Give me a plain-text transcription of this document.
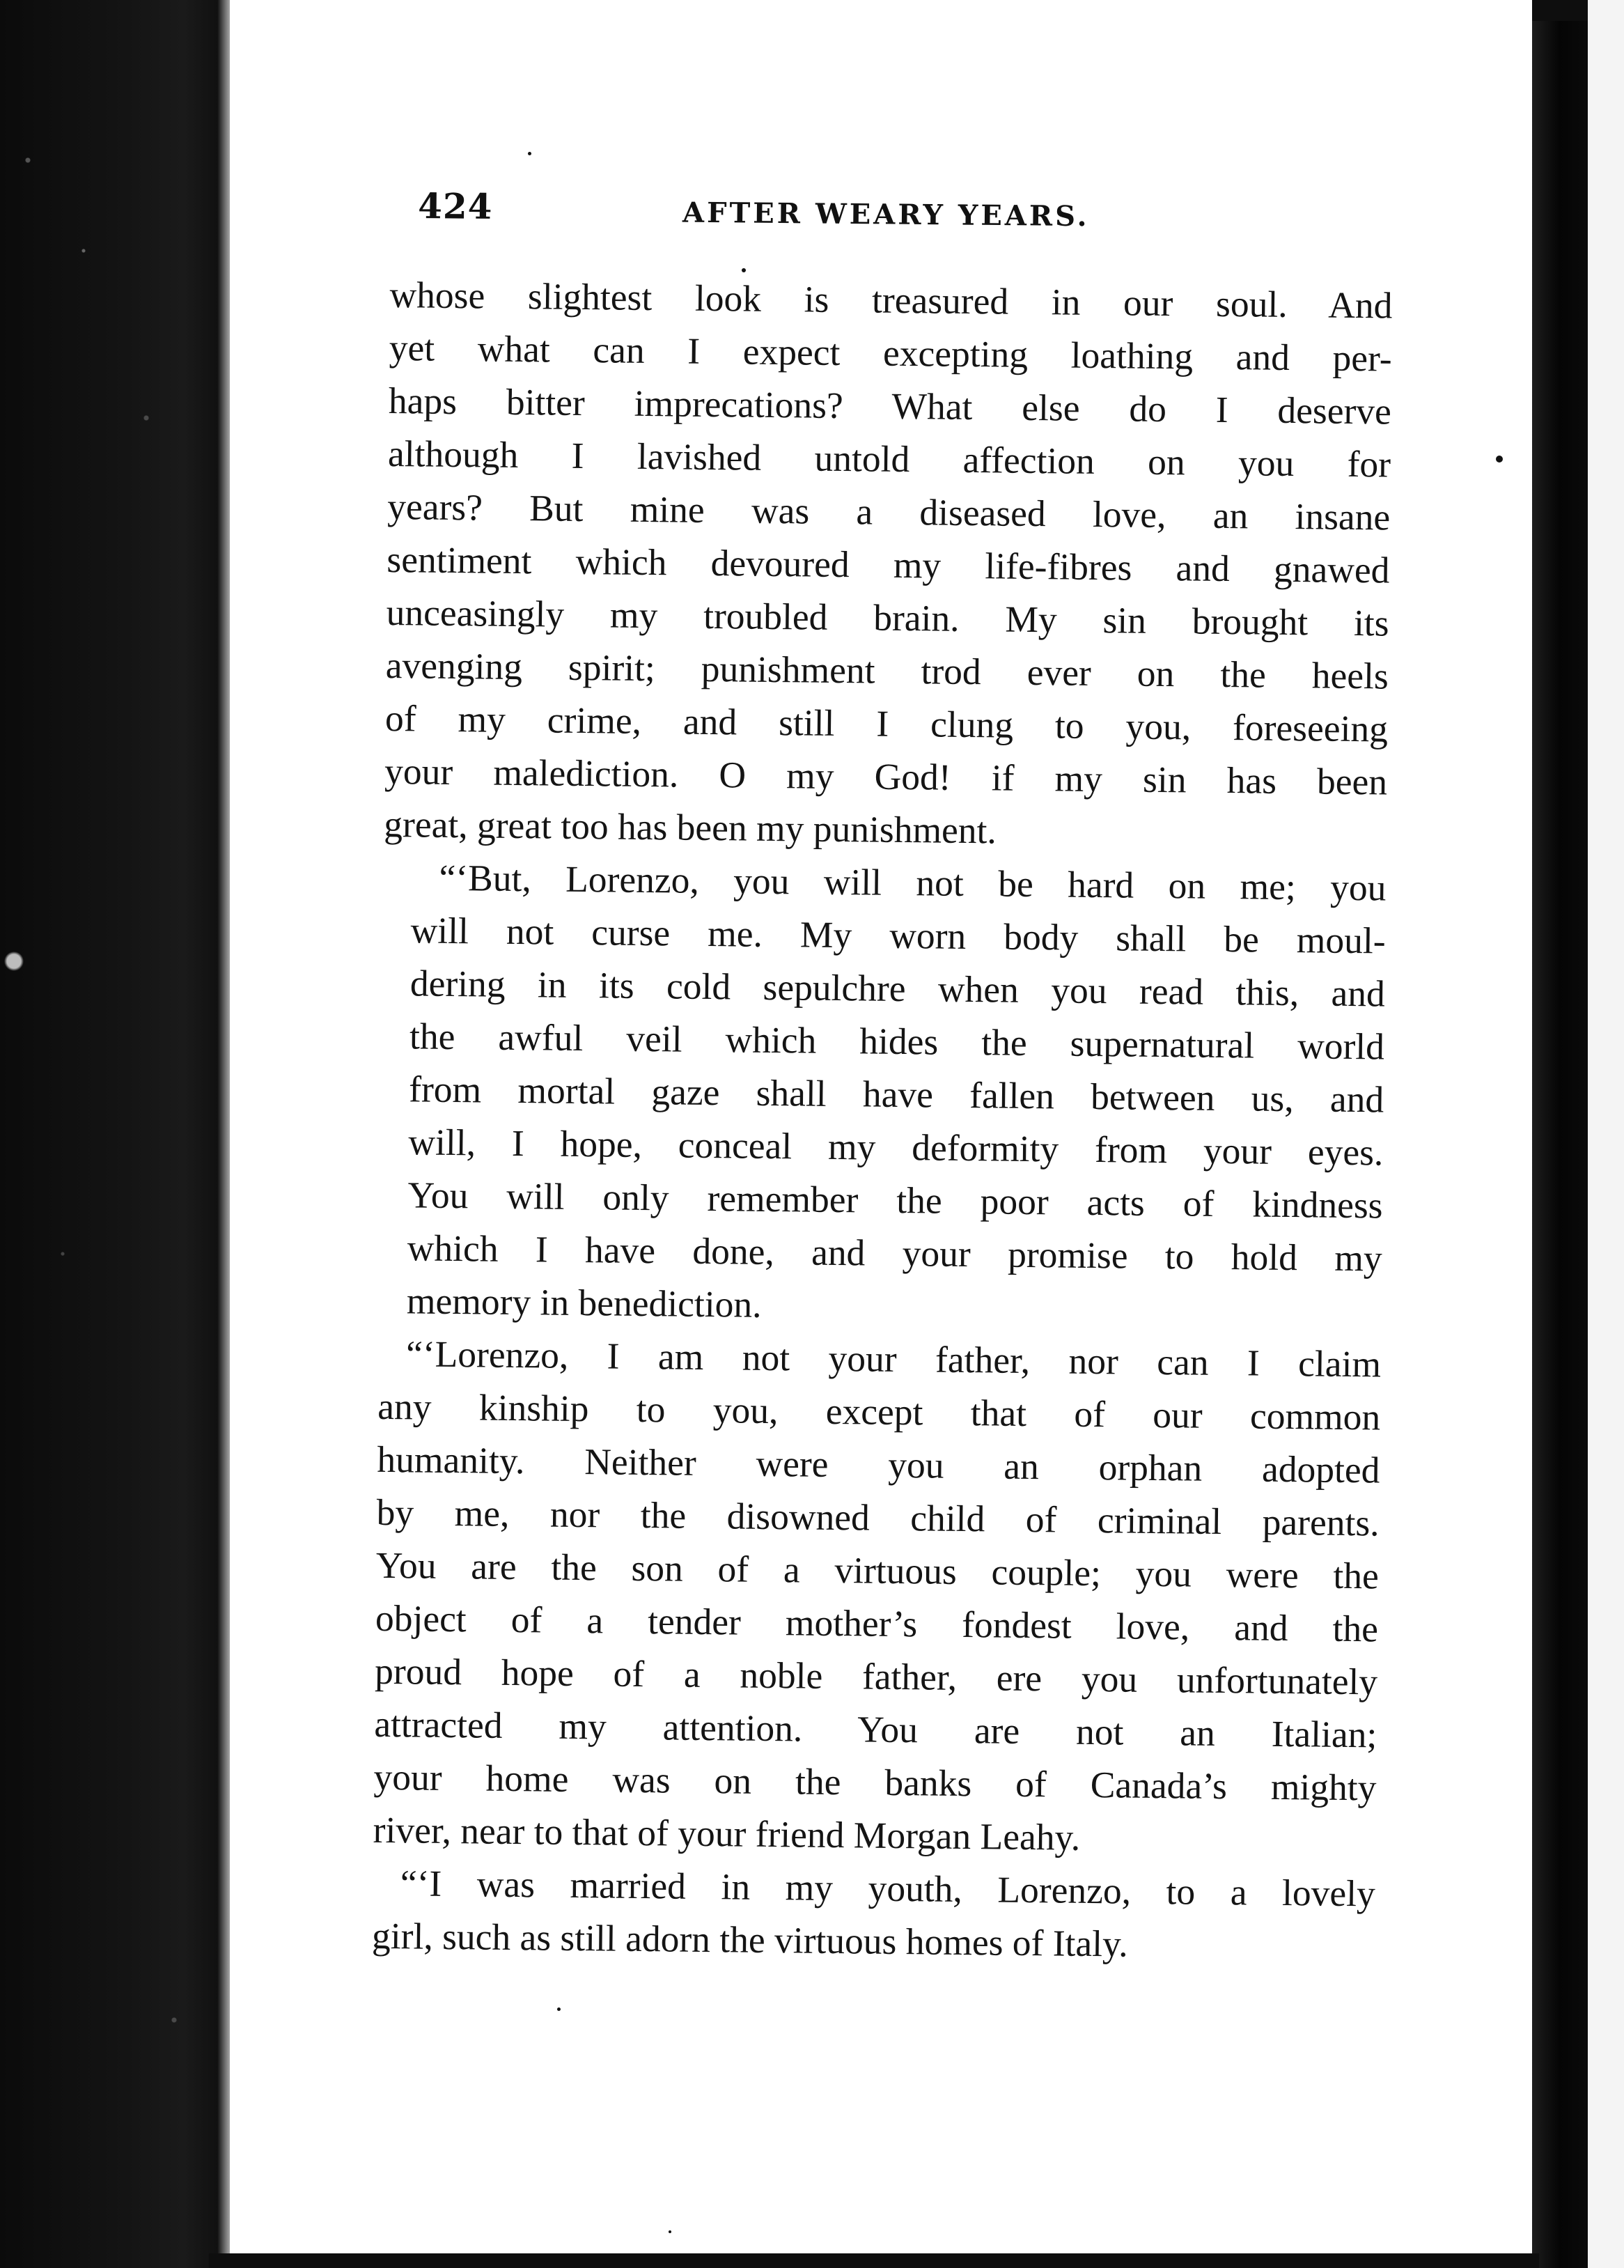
424	AFTER WEARY YEARS.

whose slightest look is treasured in our soul. And
yet what can I expect excepting loathing and per-
haps bitter imprecations? What else do I deserve
although I lavished untold affection on you for
years? But mine was a diseased love, an insane
sentiment which devoured my life-fibres and gnawed
unceasingly my troubled brain. My sin brought its
avenging spirit; punishment trod ever on the heels
of my crime, and still I clung to you, foreseeing
your malediction. O my God! if my sin has been
great, great too has been my punishment.

“‘But, Lorenzo, you will not be hard on me; you
will not curse me. My worn body shall be moul-
dering in its cold sepulchre when you read this, and
the awful veil which hides the supernatural world
from mortal gaze shall have fallen between us, and
will, I hope, conceal my deformity from your eyes.
You will only remember the poor acts of kindness
which I have done, and your promise to hold my
memory in benediction.

“‘Lorenzo, I am not your father, nor can I claim
any kinship to you, except that of our common
humanity. Neither were you an orphan adopted
by me, nor the disowned child of criminal parents.
You are the son of a virtuous couple; you were the
object of a tender mother’s fondest love, and the
proud hope of a noble father, ere you unfortunately
attracted my attention. You are not an Italian;
your home was on the banks of Canada’s mighty
river, near to that of your friend Morgan Leahy.

“‘I was married in my youth, Lorenzo, to a lovely
girl, such as still adorn the virtuous homes of Italy.
